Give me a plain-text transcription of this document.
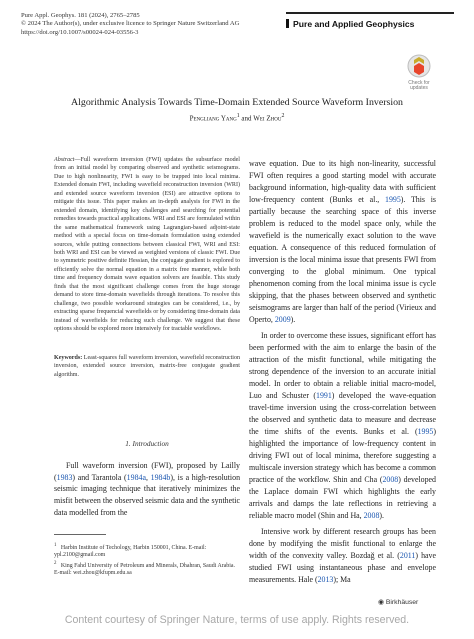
Pure Appl. Geophys. 181 (2024), 2765–2785
© 2024 The Author(s), under exclusive licence to Springer Nature Switzerland AG
https://doi.org/10.1007/s00024-024-03556-3
Pure and Applied Geophysics
Check for
updates
Algorithmic Analysis Towards Time-Domain Extended Source Waveform Inversion
Pengliang Yang$^1$ and Wei Zhou$^2$
Abstract—Full waveform inversion (FWI) updates the subsurface model from an initial model by comparing observed and synthetic seismograms. Due to high nonlinearity, FWI is easy to be trapped into local minima. Extended domain FWI, including wavefield reconstruction inversion (WRI) and extended source waveform inversion (ESI) are attractive options to mitigate this issue. This paper makes an in-depth analysis for FWI in the extended domain, identifying key challenges and searching for potential remedies towards practical applications. WRI and ESI are formulated within the same mathematical framework using Lagrangian-based adjoint-state method with a special focus on time-domain formulation using extended sources, while putting connections between classical FWI, WRI and ESI: both WRI and ESI can be viewed as weighted versions of classic FWI. Due to symmetric positive definite Hessian, the conjugate gradient is explored to efficiently solve the normal equation in a matrix free manner, while both time and frequency domain wave equation solvers are feasible. This study finds that the most significant challenge comes from the huge storage demand to store time-domain wavefields through iterations. To resolve this challenge, two possible workaround strategies can be considered, i.e., by extracting sparse frequencial wavefields or by considering time-domain data instead of wavefields for reducing such challenge. We suggest that these options should be explored more intensively for tractable workflows.
Keywords: Least-squares full waveform inversion, wavefield reconstruction inversion, extended source inversion, matrix-free conjugate gradient algorithm.
1. Introduction
Full waveform inversion (FWI), proposed by Lailly (1983) and Tarantola (1984a, 1984b), is a high-resolution seismic imaging technique that iteratively minimizes the misfit between the observed seismic data and the synthetic data modelled from the
$^1$ Harbin Institute of Techology, Harbin 150001, China. E-mail: ypl.2100@gmail.com
$^2$ King Fahd University of Petroleum and Minerals, Dhahran, Saudi Arabia. E-mail: wei.zhou@kfupm.edu.sa

wave equation. Due to its high non-linearity, successful FWI often requires a good starting model with accurate background information, high-quality data with sufficient low-frequency content (Bunks et al., 1995). This is partially because the searching space of this inverse problem is reduced to the model space only, while the wavefield is the numerically exact solution to the wave equation. A consequence of this reduced formulation of inversion is the local minima issue that presents FWI from converging to the global minimum. One typical phenomenon coming from the local minima issue is cycle skipping, that the phases between observed and synthetic seismograms are larger than half of the period (Virieux and Operto, 2009).

In order to overcome these issues, significant effort has been performed with the aim to enlarge the basin of the attraction of the misfit functional, while mitigating the strong dependence of the inversion to an accurate initial model. In order to obtain a reliable initial macro-model, Luo and Schuster (1991) developed the wave-equation travel-time inversion using the cross-correlation between the observed and synthetic data to measure and decrease the time shifts of the events. Bunks et al. (1995) highlighted the importance of low-frequency content in driving FWI out of local minima, therefore suggesting a multiscale inversion strategy which has become a common practice of the workflow. Shin and Cha (2008) developed the Laplace domain FWI which highlights the early arrivals and damps the late reflections in retrieving a reliable macro model (Shin and Ha, 2008).

Intensive work by different research groups has been done by modifying the misfit functional to enlarge the width of the convexity valley. Bozdağ et al. (2011) have studied FWI using instantaneous phase and envelope measurements. Hale (2013); Ma

◉ Birkhäuser
Content courtesy of Springer Nature, terms of use apply. Rights reserved.
